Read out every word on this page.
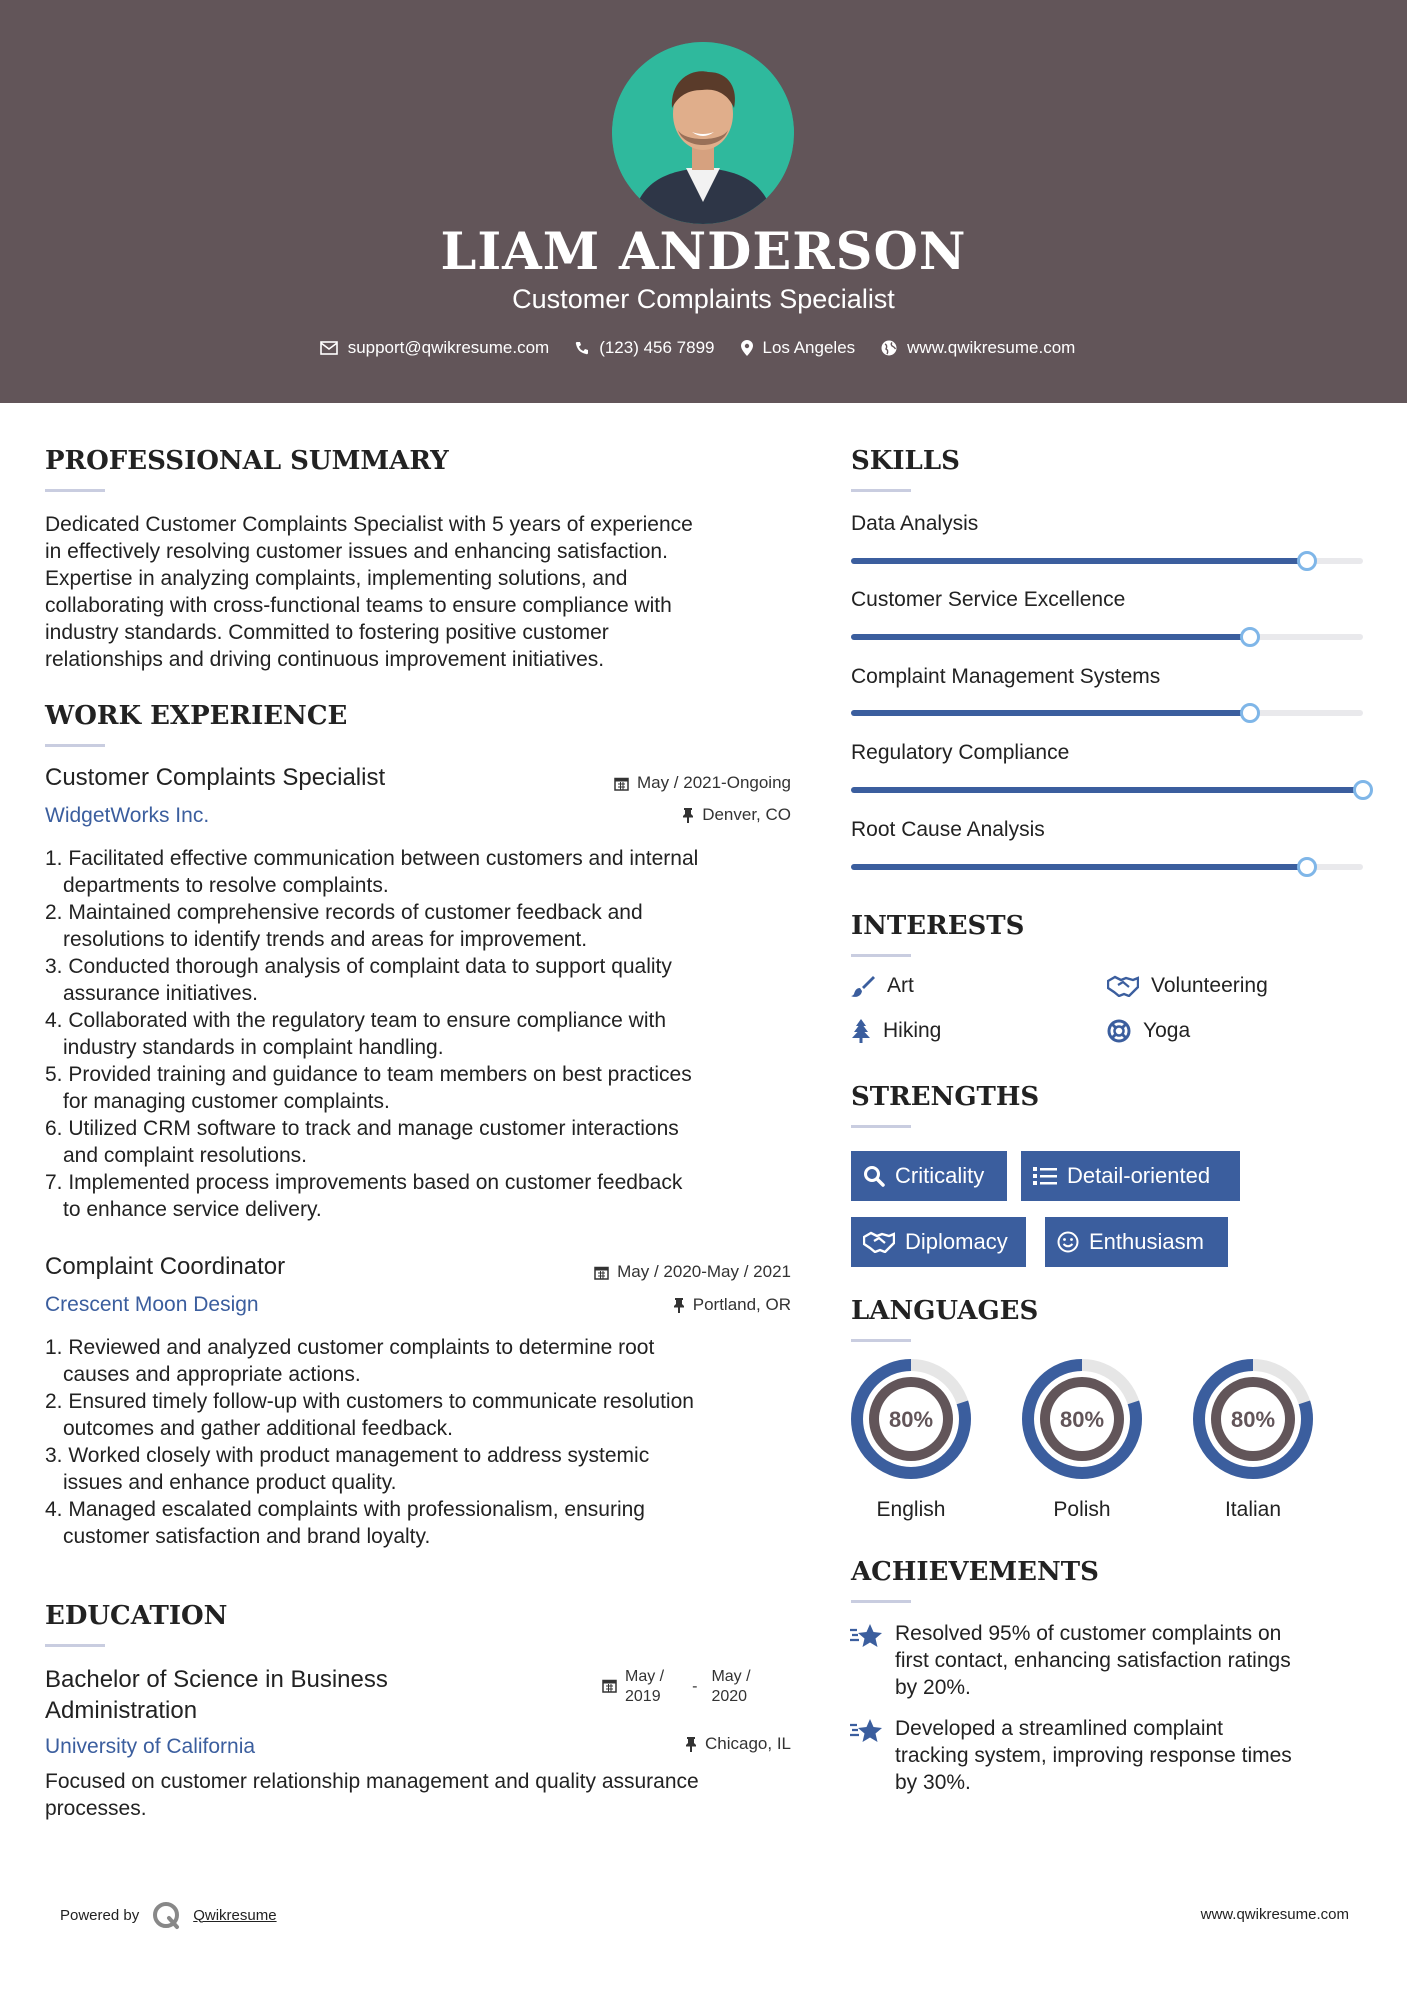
LIAM ANDERSON
Customer Complaints Specialist
support@qwikresume.com	(123) 456 7899	Los Angeles	www.qwikresume.com
PROFESSIONAL SUMMARY
Dedicated Customer Complaints Specialist with 5 years of experience
in effectively resolving customer issues and enhancing satisfaction.
Expertise in analyzing complaints, implementing solutions, and
collaborating with cross-functional teams to ensure compliance with
industry standards. Committed to fostering positive customer
relationships and driving continuous improvement initiatives.
WORK EXPERIENCE
Customer Complaints Specialist
WidgetWorks Inc.
May / 2021-Ongoing
Denver, CO
1. Facilitated effective communication between customers and internal
departments to resolve complaints.
2. Maintained comprehensive records of customer feedback and
resolutions to identify trends and areas for improvement.
3. Conducted thorough analysis of complaint data to support quality
assurance initiatives.
4. Collaborated with the regulatory team to ensure compliance with
industry standards in complaint handling.
5. Provided training and guidance to team members on best practices
for managing customer complaints.
6. Utilized CRM software to track and manage customer interactions
and complaint resolutions.
7. Implemented process improvements based on customer feedback
to enhance service delivery.
Complaint Coordinator
Crescent Moon Design
May / 2020-May / 2021
Portland, OR
1. Reviewed and analyzed customer complaints to determine root
causes and appropriate actions.
2. Ensured timely follow-up with customers to communicate resolution
outcomes and gather additional feedback.
3. Worked closely with product management to address systemic
issues and enhance product quality.
4. Managed escalated complaints with professionalism, ensuring
customer satisfaction and brand loyalty.
EDUCATION
Bachelor of Science in Business
Administration
University of California
May /
2019
-
May /
2020
Chicago, IL
Focused on customer relationship management and quality assurance
processes.
SKILLS
Data Analysis
Customer Service Excellence
Complaint Management Systems
Regulatory Compliance
Root Cause Analysis
INTERESTS
Art	Volunteering
Hiking	Yoga
STRENGTHS
Criticality	Detail-oriented
Diplomacy	Enthusiasm
LANGUAGES
80%
English
80%
Polish
80%
Italian
ACHIEVEMENTS
Resolved 95% of customer complaints on
first contact, enhancing satisfaction ratings
by 20%.
Developed a streamlined complaint
tracking system, improving response times
by 30%.
Powered by	Qwikresume	www.qwikresume.com
